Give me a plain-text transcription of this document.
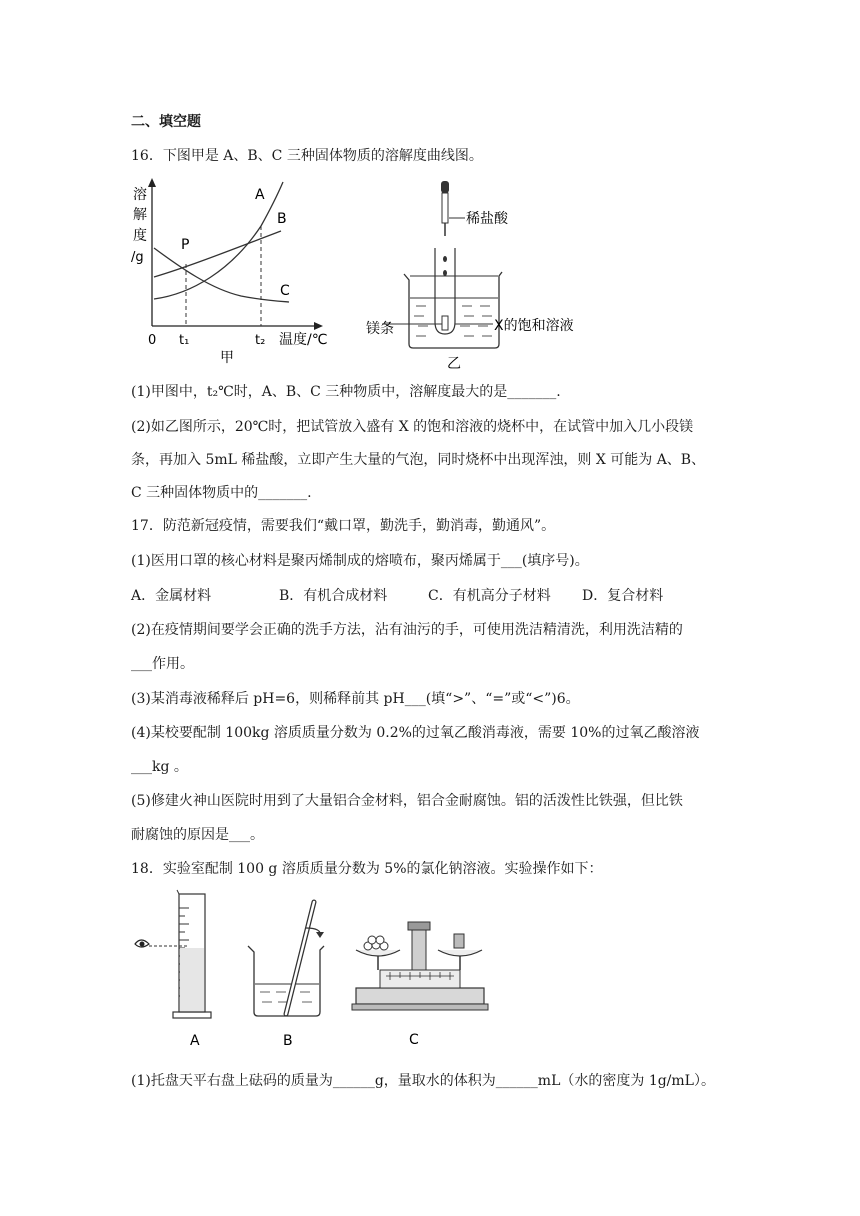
二、填空题
16．下图甲是 A、B、C 三种固体物质的溶解度曲线图。
溶
解
度
/g
P
A
B
C
0 t₁	t₂ 温度/℃
甲
稀盐酸
镁条	X的饱和溶液
乙
(1)甲图中，t₂℃时，A、B、C 三种物质中，溶解度最大的是_______.
(2)如乙图所示，20℃时，把试管放入盛有 X 的饱和溶液的烧杯中，在试管中加入几小段镁
条，再加入 5mL 稀盐酸，立即产生大量的气泡，同时烧杯中出现浑浊，则 X 可能为 A、B、
C 三种固体物质中的_______.
17．防范新冠疫情，需要我们“戴口罩，勤洗手，勤消毒，勤通风”。
(1)医用口罩的核心材料是聚丙烯制成的熔喷布，聚丙烯属于___(填序号)。
A．金属材料	B．有机合成材料	C．有机高分子材料 D．复合材料
(2)在疫情期间要学会正确的洗手方法，沾有油污的手，可使用洗洁精清洗，利用洗洁精的
___作用。
(3)某消毒液稀释后 pH=6，则稀释前其 pH___(填“>”、“=”或“<”)6。
(4)某校要配制 100kg 溶质质量分数为 0.2%的过氧乙酸消毒液，需要 10%的过氧乙酸溶液
___kg 。
(5)修建火神山医院时用到了大量铝合金材料，铝合金耐腐蚀。铝的活泼性比铁强，但比铁
耐腐蚀的原因是___。
18．实验室配制 100 g 溶质质量分数为 5%的氯化钠溶液。实验操作如下：
A	B	C
(1)托盘天平右盘上砝码的质量为______g，量取水的体积为______mL（水的密度为 1g/mL）。
